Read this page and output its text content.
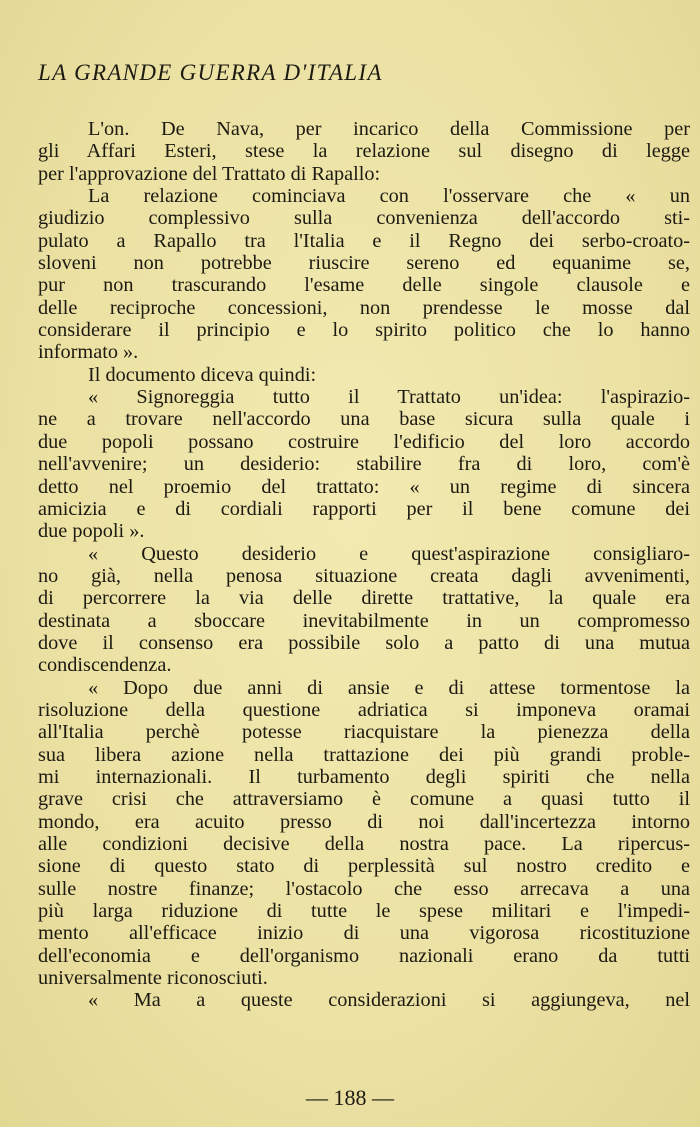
LA GRANDE GUERRA D'ITALIA
L'on. De Nava, per incarico della Commissione per
gli Affari Esteri, stese la relazione sul disegno di legge
per l'approvazione del Trattato di Rapallo:
La relazione cominciava con l'osservare che « un
giudizio complessivo sulla convenienza dell'accordo sti-
pulato a Rapallo tra l'Italia e il Regno dei serbo-croato-
sloveni non potrebbe riuscire sereno ed equanime se,
pur non trascurando l'esame delle singole clausole e
delle reciproche concessioni, non prendesse le mosse dal
considerare il principio e lo spirito politico che lo hanno
informato ».
Il documento diceva quindi:
« Signoreggia tutto il Trattato un'idea: l'aspirazio-
ne a trovare nell'accordo una base sicura sulla quale i
due popoli possano costruire l'edificio del loro accordo
nell'avvenire; un desiderio: stabilire fra di loro, com'è
detto nel proemio del trattato: « un regime di sincera
amicizia e di cordiali rapporti per il bene comune dei
due popoli ».
« Questo desiderio e quest'aspirazione consigliaro-
no già, nella penosa situazione creata dagli avvenimenti,
di percorrere la via delle dirette trattative, la quale era
destinata a sboccare inevitabilmente in un compromesso
dove il consenso era possibile solo a patto di una mutua
condiscendenza.
« Dopo due anni di ansie e di attese tormentose la
risoluzione della questione adriatica si imponeva oramai
all'Italia perchè potesse riacquistare la pienezza della
sua libera azione nella trattazione dei più grandi proble-
mi internazionali. Il turbamento degli spiriti che nella
grave crisi che attraversiamo è comune a quasi tutto il
mondo, era acuito presso di noi dall'incertezza intorno
alle condizioni decisive della nostra pace. La ripercus-
sione di questo stato di perplessità sul nostro credito e
sulle nostre finanze; l'ostacolo che esso arrecava a una
più larga riduzione di tutte le spese militari e l'impedi-
mento all'efficace inizio di una vigorosa ricostituzione
dell'economia e dell'organismo nazionali erano da tutti
universalmente riconosciuti.
« Ma a queste considerazioni si aggiungeva, nel
— 188 —
